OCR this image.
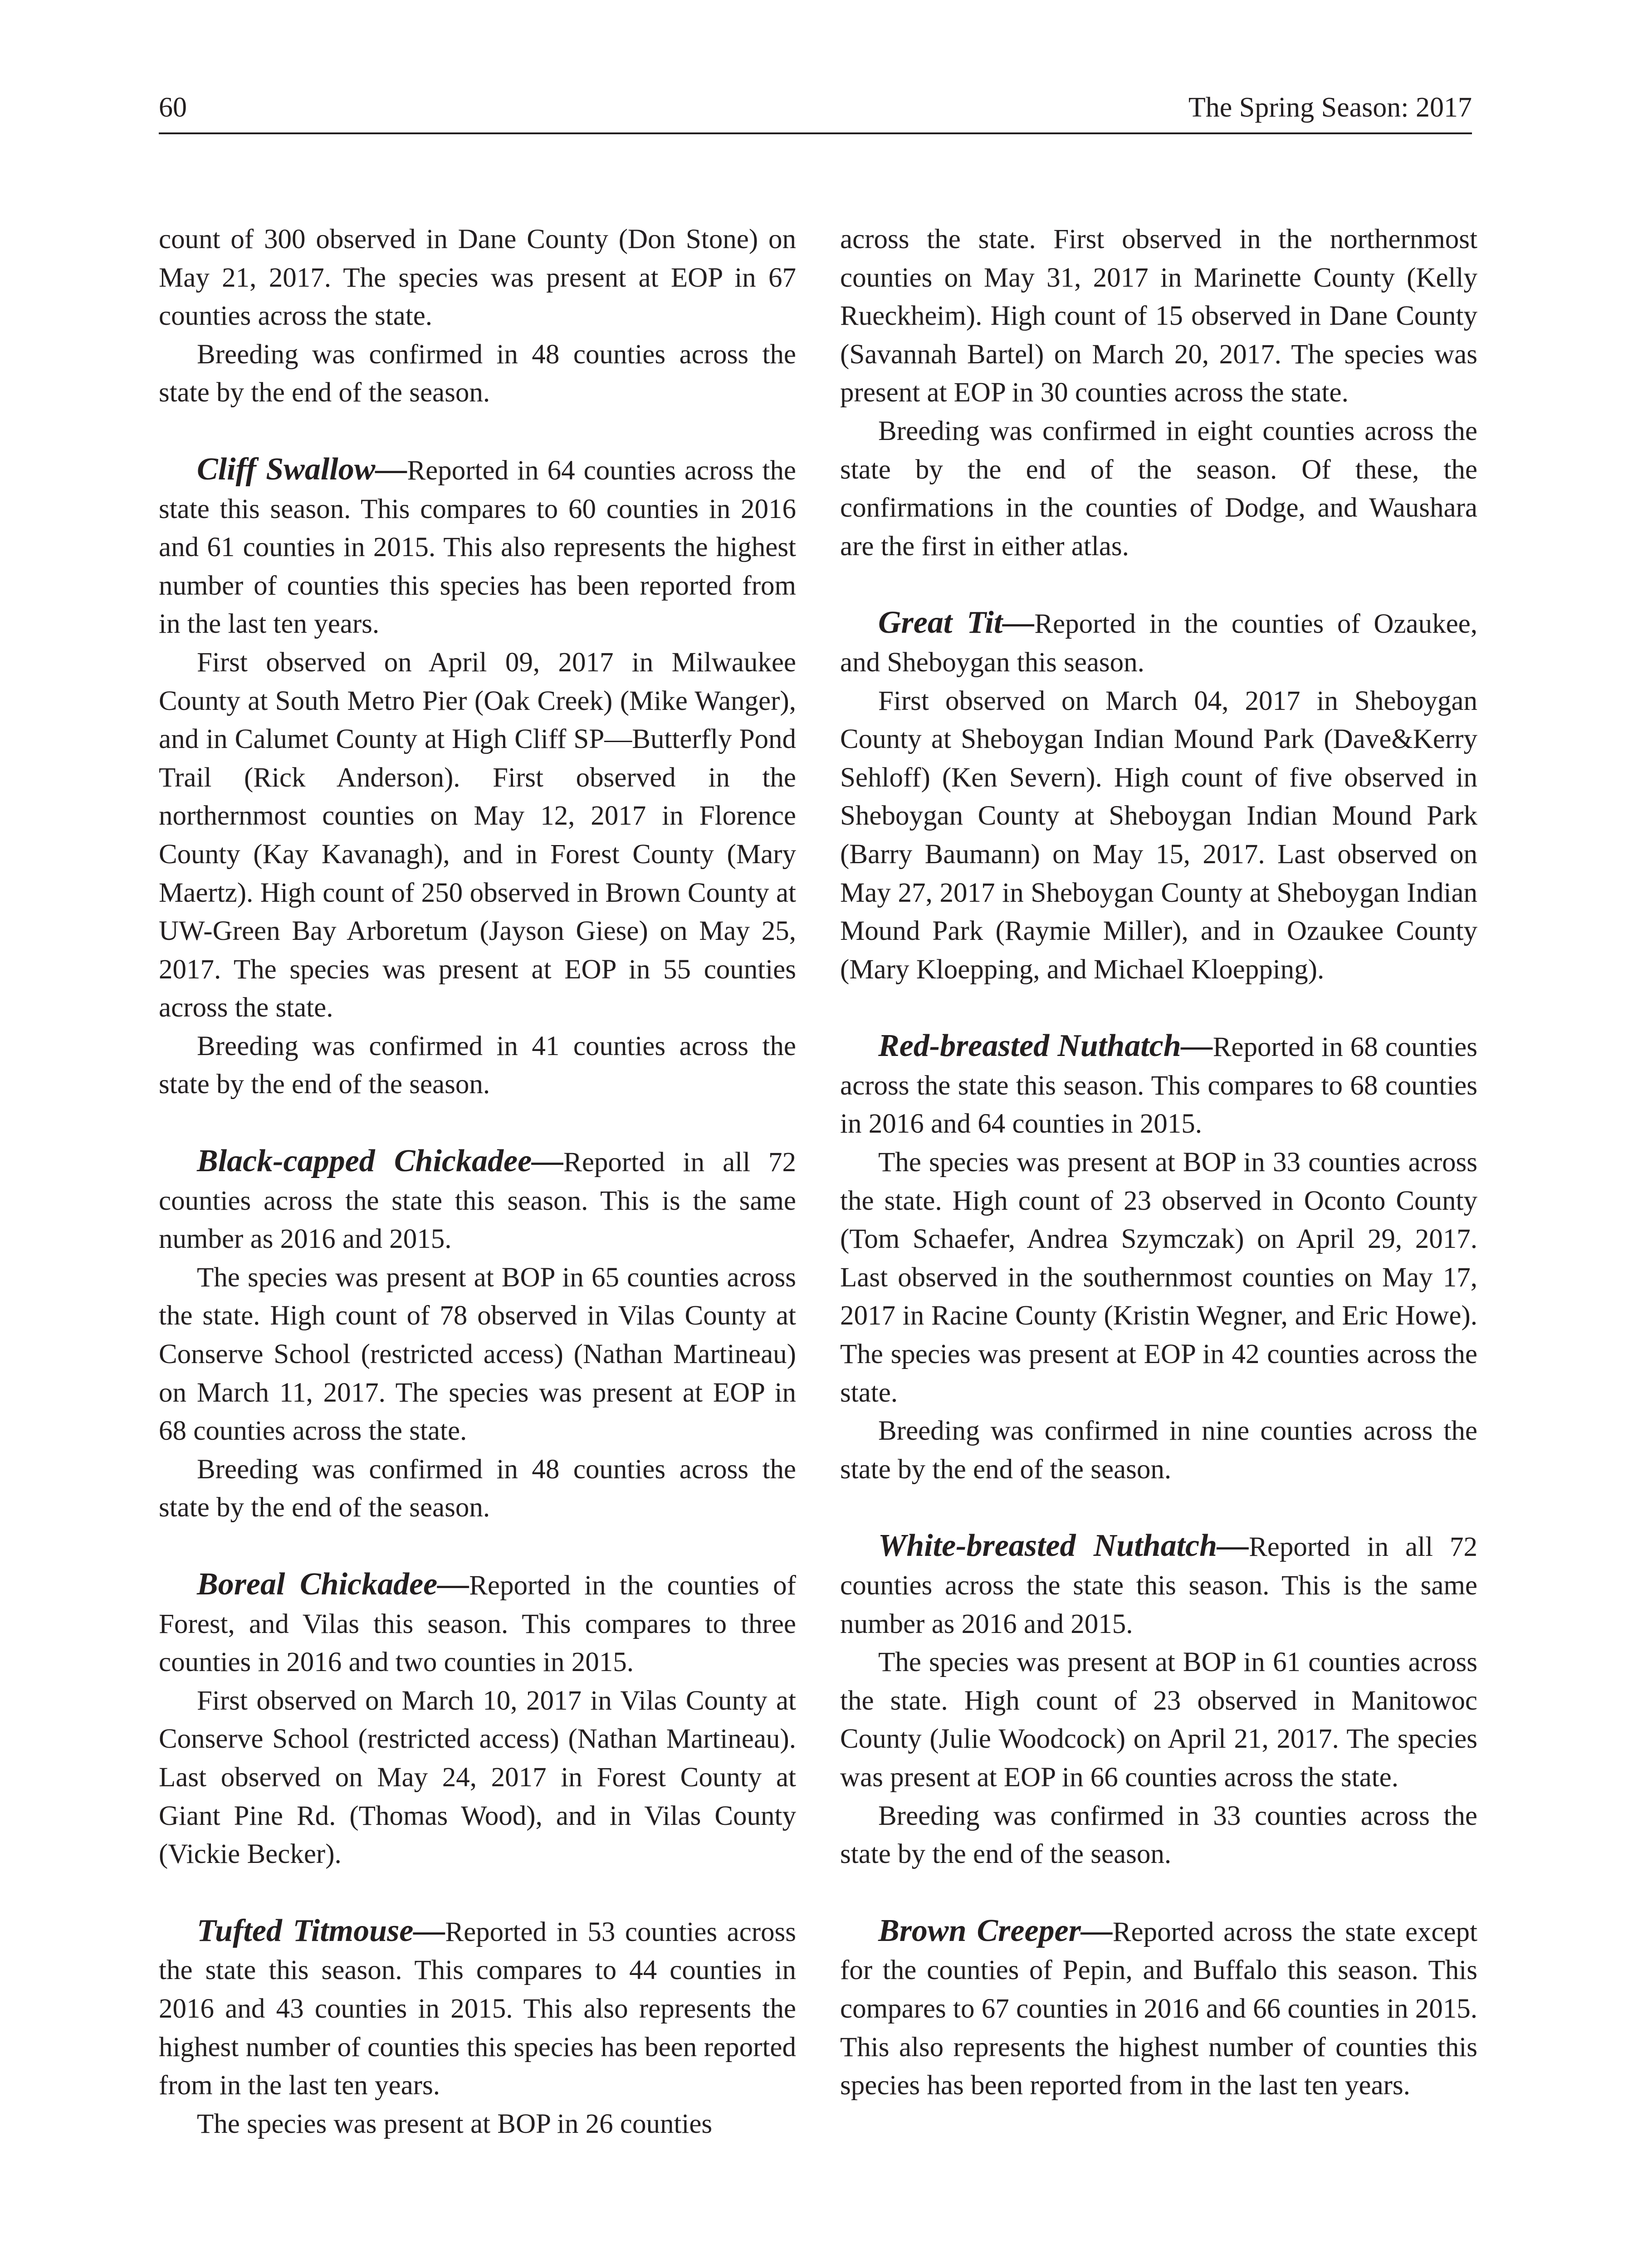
60	The Spring Season: 2017

count of 300 observed in Dane County (Don Stone) on May 21, 2017. The species was present at EOP in 67 counties across the state.

Breeding was confirmed in 48 counties across the state by the end of the season.

Cliff Swallow—Reported in 64 counties across the state this season. This compares to 60 counties in 2016 and 61 counties in 2015. This also represents the highest number of counties this species has been reported from in the last ten years.

First observed on April 09, 2017 in Milwaukee County at South Metro Pier (Oak Creek) (Mike Wanger), and in Calumet County at High Cliff SP—Butterfly Pond Trail (Rick Anderson). First observed in the northernmost counties on May 12, 2017 in Florence County (Kay Kavanagh), and in Forest County (Mary Maertz). High count of 250 observed in Brown County at UW-Green Bay Arboretum (Jayson Giese) on May 25, 2017. The species was present at EOP in 55 counties across the state.

Breeding was confirmed in 41 counties across the state by the end of the season.

Black-capped Chickadee—Reported in all 72 counties across the state this season. This is the same number as 2016 and 2015.

The species was present at BOP in 65 counties across the state. High count of 78 observed in Vilas County at Conserve School (restricted access) (Nathan Martineau) on March 11, 2017. The species was present at EOP in 68 counties across the state.

Breeding was confirmed in 48 counties across the state by the end of the season.

Boreal Chickadee—Reported in the counties of Forest, and Vilas this season. This compares to three counties in 2016 and two counties in 2015.

First observed on March 10, 2017 in Vilas County at Conserve School (restricted access) (Nathan Martineau). Last observed on May 24, 2017 in Forest County at Giant Pine Rd. (Thomas Wood), and in Vilas County (Vickie Becker).

Tufted Titmouse—Reported in 53 counties across the state this season. This compares to 44 counties in 2016 and 43 counties in 2015. This also represents the highest number of counties this species has been reported from in the last ten years.

The species was present at BOP in 26 counties

across the state. First observed in the northernmost counties on May 31, 2017 in Marinette County (Kelly Rueckheim). High count of 15 observed in Dane County (Savannah Bartel) on March 20, 2017. The species was present at EOP in 30 counties across the state.

Breeding was confirmed in eight counties across the state by the end of the season. Of these, the confirmations in the counties of Dodge, and Waushara are the first in either atlas.

Great Tit—Reported in the counties of Ozaukee, and Sheboygan this season.

First observed on March 04, 2017 in Sheboygan County at Sheboygan Indian Mound Park (Dave&Kerry Sehloff) (Ken Severn). High count of five observed in Sheboygan County at Sheboygan Indian Mound Park (Barry Baumann) on May 15, 2017. Last observed on May 27, 2017 in Sheboygan County at Sheboygan Indian Mound Park (Raymie Miller), and in Ozaukee County (Mary Kloepping, and Michael Kloepping).

Red-breasted Nuthatch—Reported in 68 counties across the state this season. This compares to 68 counties in 2016 and 64 counties in 2015.

The species was present at BOP in 33 counties across the state. High count of 23 observed in Oconto County (Tom Schaefer, Andrea Szymczak) on April 29, 2017. Last observed in the southernmost counties on May 17, 2017 in Racine County (Kristin Wegner, and Eric Howe). The species was present at EOP in 42 counties across the state.

Breeding was confirmed in nine counties across the state by the end of the season.

White-breasted Nuthatch—Reported in all 72 counties across the state this season. This is the same number as 2016 and 2015.

The species was present at BOP in 61 counties across the state. High count of 23 observed in Manitowoc County (Julie Woodcock) on April 21, 2017. The species was present at EOP in 66 counties across the state.

Breeding was confirmed in 33 counties across the state by the end of the season.

Brown Creeper—Reported across the state except for the counties of Pepin, and Buffalo this season. This compares to 67 counties in 2016 and 66 counties in 2015. This also represents the highest number of counties this species has been reported from in the last ten years.
